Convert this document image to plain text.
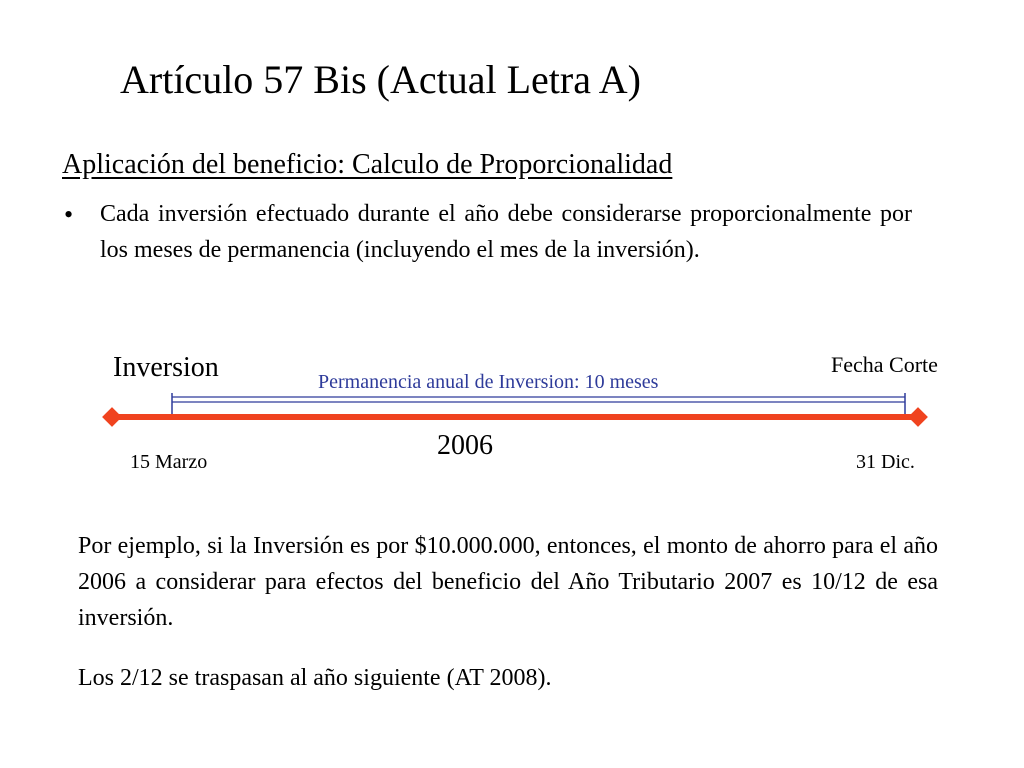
Artículo 57 Bis (Actual Letra A)
Aplicación del beneficio: Calculo de Proporcionalidad
• Cada inversión efectuado durante el año debe considerarse proporcionalmente por los meses de permanencia (incluyendo el mes de la inversión).
Inversion	Fecha Corte
Permanencia anual de Inversion: 10 meses
2006
15 Marzo	31 Dic.
Por ejemplo, si la Inversión es por $10.000.000, entonces, el monto de ahorro para el año 2006 a considerar para efectos del beneficio del Año Tributario 2007 es 10/12 de esa inversión.
Los 2/12 se traspasan al año siguiente (AT 2008).
